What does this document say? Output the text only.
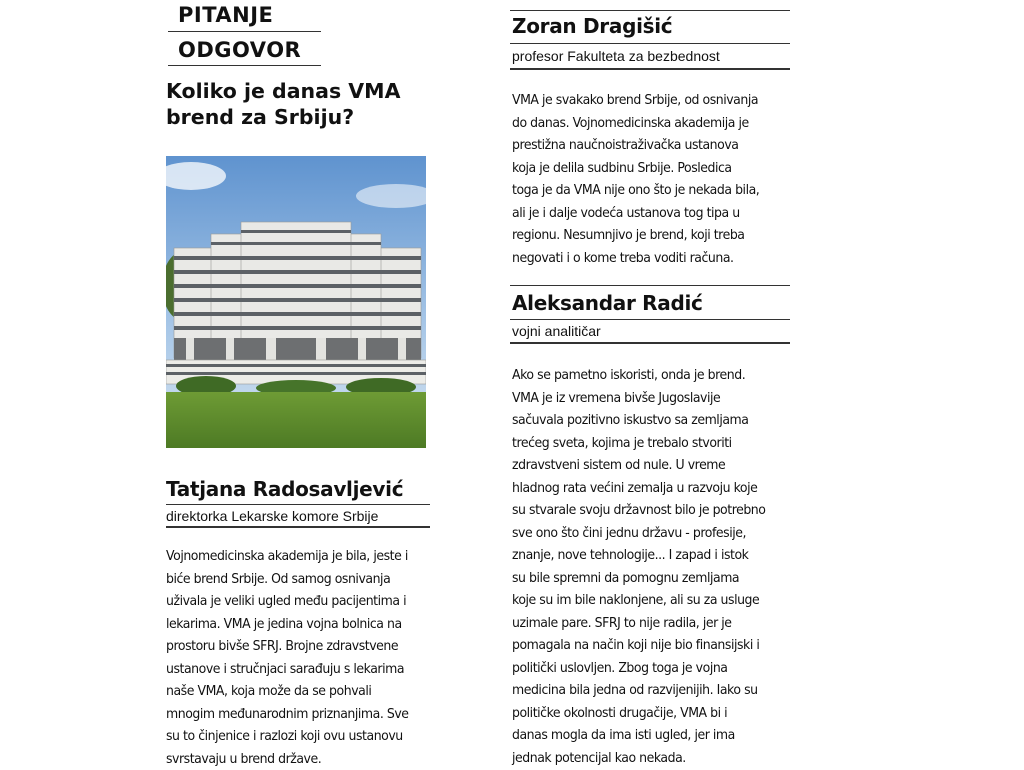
PITANJE
ODGOVOR
Koliko je danas VMA
brend za Srbiju?
Tatjana Radosavljević
direktorka Lekarske komore Srbije
Vojnomedicinska akademija je bila, jeste i
biće brend Srbije. Od samog osnivanja
uživala je veliki ugled među pacijentima i
lekarima. VMA je jedina vojna bolnica na
prostoru bivše SFRJ. Brojne zdravstvene
ustanove i stručnjaci sarađuju s lekarima
naše VMA, koja može da se pohvali
mnogim međunarodnim priznanjima. Sve
su to činjenice i razlozi koji ovu ustanovu
svrstavaju u brend države.
Zoran Dragišić
profesor Fakulteta za bezbednost
VMA je svakako brend Srbije, od osnivanja
do danas. Vojnomedicinska akademija je
prestižna naučnoistraživačka ustanova
koja je delila sudbinu Srbije. Posledica
toga je da VMA nije ono što je nekada bila,
ali je i dalje vodeća ustanova tog tipa u
regionu. Nesumnjivo je brend, koji treba
negovati i o kome treba voditi računa.
Aleksandar Radić
vojni analitičar
Ako se pametno iskoristi, onda je brend.
VMA je iz vremena bivše Jugoslavije
sačuvala pozitivno iskustvo sa zemljama
trećeg sveta, kojima je trebalo stvoriti
zdravstveni sistem od nule. U vreme
hladnog rata većini zemalja u razvoju koje
su stvarale svoju državnost bilo je potrebno
sve ono što čini jednu državu - profesije,
znanje, nove tehnologije... I zapad i istok
su bile spremni da pomognu zemljama
koje su im bile naklonjene, ali su za usluge
uzimale pare. SFRJ to nije radila, jer je
pomagala na način koji nije bio finansijski i
politički uslovljen. Zbog toga je vojna
medicina bila jedna od razvijenijih. Iako su
političke okolnosti drugačije, VMA bi i
danas mogla da ima isti ugled, jer ima
jednak potencijal kao nekada.
